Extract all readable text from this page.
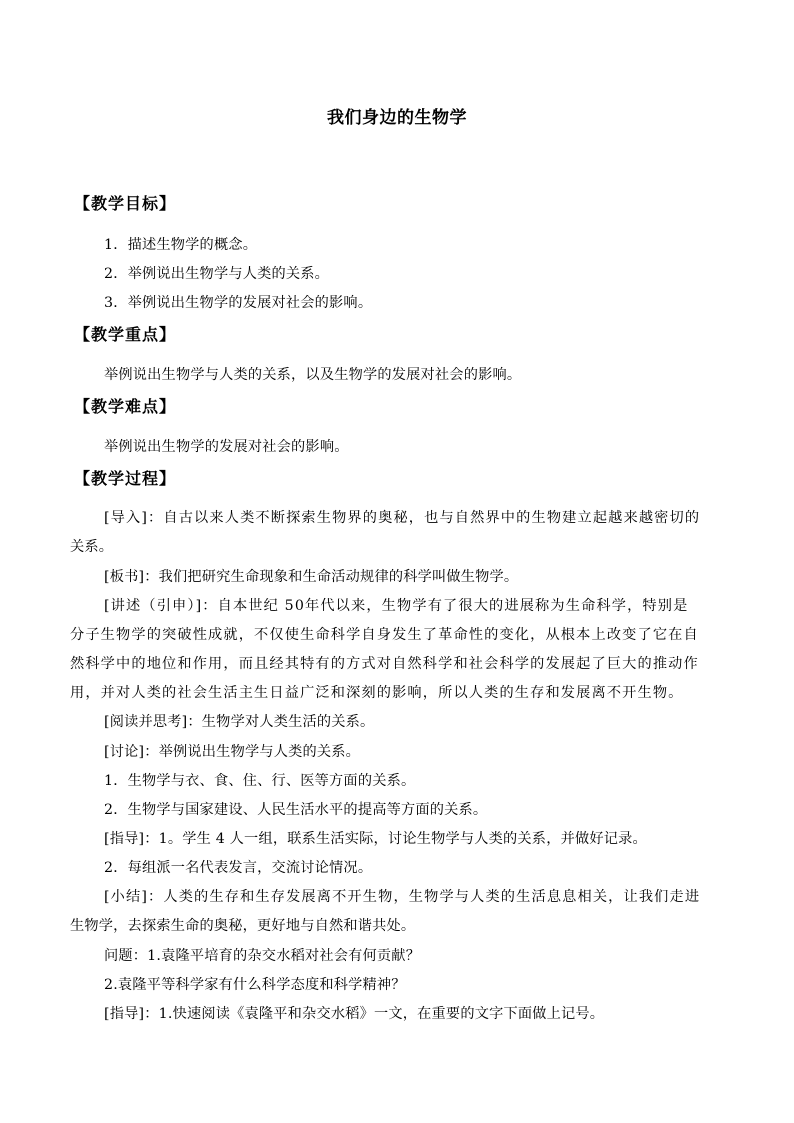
我们身边的生物学
【教学目标】
1．描述生物学的概念。
2．举例说出生物学与人类的关系。
3．举例说出生物学的发展对社会的影响。
【教学重点】
举例说出生物学与人类的关系，以及生物学的发展对社会的影响。
【教学难点】
举例说出生物学的发展对社会的影响。
【教学过程】
[导入]：自古以来人类不断探索生物界的奥秘，也与自然界中的生物建立起越来越密切的
关系。
[板书]：我们把研究生命现象和生命活动规律的科学叫做生物学。
[讲述（引申）]：自本世纪 50年代以来，生物学有了很大的进展称为生命科学，特别是
分子生物学的突破性成就，不仅使生命科学自身发生了革命性的变化，从根本上改变了它在自
然科学中的地位和作用，而且经其特有的方式对自然科学和社会科学的发展起了巨大的推动作
用，并对人类的社会生活主生日益广泛和深刻的影响，所以人类的生存和发展离不开生物。
[阅读并思考]：生物学对人类生活的关系。
[讨论]：举例说出生物学与人类的关系。
1．生物学与衣、食、住、行、医等方面的关系。
2．生物学与国家建设、人民生活水平的提高等方面的关系。
[指导]：1。学生 4 人一组，联系生活实际，讨论生物学与人类的关系，并做好记录。
2．每组派一名代表发言，交流讨论情况。
[小结]：人类的生存和生存发展离不开生物，生物学与人类的生活息息相关，让我们走进
生物学，去探索生命的奥秘，更好地与自然和谐共处。
问题：1.袁隆平培育的杂交水稻对社会有何贡献？
2.袁隆平等科学家有什么科学态度和科学精神？
[指导]：1.快速阅读《袁隆平和杂交水稻》一文，在重要的文字下面做上记号。
